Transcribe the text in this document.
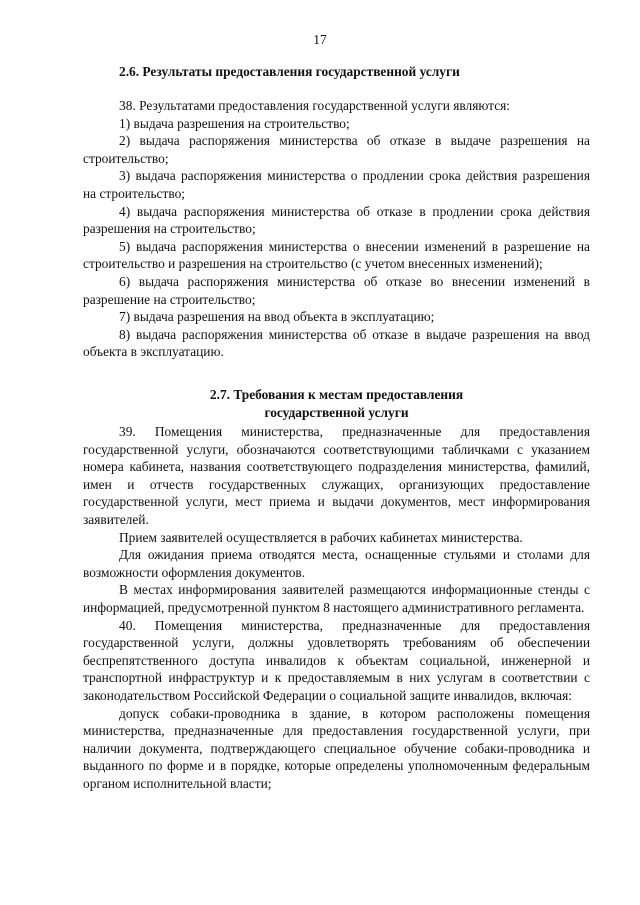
17
2.6. Результаты предоставления государственной услуги

38. Результатами предоставления государственной услуги являются:

1) выдача разрешения на строительство;

2) выдача распоряжения министерства об отказе в выдаче разрешения на строительство;

3) выдача распоряжения министерства о продлении срока действия разрешения на строительство;

4) выдача распоряжения министерства об отказе в продлении срока действия разрешения на строительство;

5) выдача распоряжения министерства о внесении изменений в разрешение на строительство и разрешения на строительство (с учетом внесенных изменений);

6) выдача распоряжения министерства об отказе во внесении изменений в разрешение на строительство;

7) выдача разрешения на ввод объекта в эксплуатацию;

8) выдача распоряжения министерства об отказе в выдаче разрешения на ввод объекта в эксплуатацию.

2.7. Требования к местам предоставления
государственной услуги

39. Помещения министерства, предназначенные для предоставления государственной услуги, обозначаются соответствующими табличками с указанием номера кабинета, названия соответствующего подразделения министерства, фамилий, имен и отчеств государственных служащих, организующих предоставление государственной услуги, мест приема и выдачи документов, мест информирования заявителей.

Прием заявителей осуществляется в рабочих кабинетах министерства.

Для ожидания приема отводятся места, оснащенные стульями и столами для возможности оформления документов.

В местах информирования заявителей размещаются информационные стенды с информацией, предусмотренной пунктом 8 настоящего административного регламента.

40. Помещения министерства, предназначенные для предоставления государственной услуги, должны удовлетворять требованиям об обеспечении беспрепятственного доступа инвалидов к объектам социальной, инженерной и транспортной инфраструктур и к предоставляемым в них услугам в соответствии с законодательством Российской Федерации о социальной защите инвалидов, включая:

допуск собаки-проводника в здание, в котором расположены помещения министерства, предназначенные для предоставления государственной услуги, при наличии документа, подтверждающего специальное обучение собаки-проводника и выданного по форме и в порядке, которые определены уполномоченным федеральным органом исполнительной власти;
